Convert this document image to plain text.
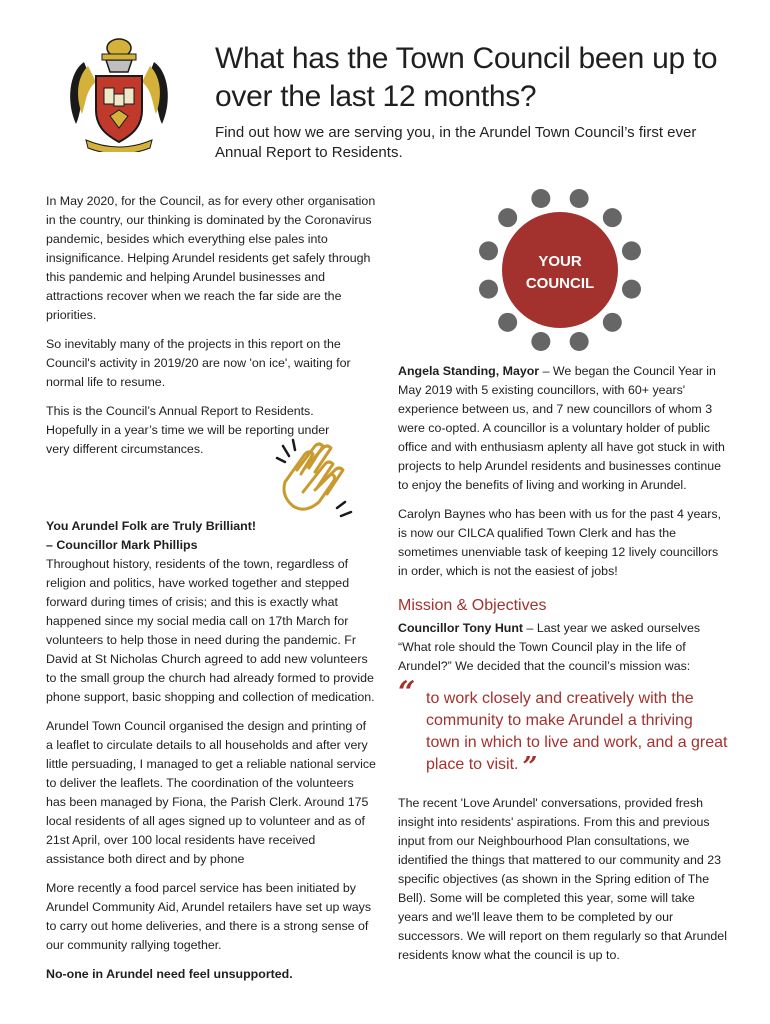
What has the Town Council been up to over the last 12 months?

Find out how we are serving you, in the Arundel Town Council’s first ever Annual Report to Residents.

YOUR
COUNCIL

In May 2020, for the Council, as for every other organisation in the country, our thinking is dominated by the Coronavirus pandemic, besides which everything else pales into insignificance. Helping Arundel residents get safely through this pandemic and helping Arundel businesses and attractions recover when we reach the far side are the priorities.

So inevitably many of the projects in this report on the Council's activity in 2019/20 are now 'on ice', waiting for normal life to resume.

This is the Council’s Annual Report to Residents. Hopefully in a year’s time we will be reporting under very different circumstances.

You Arundel Folk are Truly Brilliant!
– Councillor Mark Phillips

Throughout history, residents of the town, regardless of religion and politics, have worked together and stepped forward during times of crisis; and this is exactly what happened since my social media call on 17th March for volunteers to help those in need during the pandemic. Fr David at St Nicholas Church agreed to add new volunteers to the small group the church had already formed to provide phone support, basic shopping and collection of medication.

Arundel Town Council organised the design and printing of a leaflet to circulate details to all households and after very little persuading, I managed to get a reliable national service to deliver the leaflets. The coordination of the volunteers has been managed by Fiona, the Parish Clerk. Around 175 local residents of all ages signed up to volunteer and as of 21st April, over 100 local residents have received assistance both direct and by phone

More recently a food parcel service has been initiated by Arundel Community Aid, Arundel retailers have set up ways to carry out home deliveries, and there is a strong sense of our community rallying together.

No-one in Arundel need feel unsupported.

Angela Standing, Mayor – We began the Council Year in May 2019 with 5 existing councillors, with 60+ years' experience between us, and 7 new councillors of whom 3 were co-opted. A councillor is a voluntary holder of public office and with enthusiasm aplenty all have got stuck in with projects to help Arundel residents and businesses continue to enjoy the benefits of living and working in Arundel.

Carolyn Baynes who has been with us for the past 4 years, is now our CILCA qualified Town Clerk and has the sometimes unenviable task of keeping 12 lively councillors in order, which is not the easiest of jobs!

Mission & Objectives

Councillor Tony Hunt – Last year we asked ourselves “What role should the Town Council play in the life of Arundel?” We decided that the council’s mission was:

“ to work closely and creatively with the community to make Arundel a thriving town in which to live and work, and a great place to visit. ”

The recent 'Love Arundel' conversations, provided fresh insight into residents' aspirations. From this and previous input from our Neighbourhood Plan consultations, we identified the things that mattered to our community and 23 specific objectives (as shown in the Spring edition of The Bell). Some will be completed this year, some will take years and we'll leave them to be completed by our successors. We will report on them regularly so that Arundel residents know what the council is up to.
